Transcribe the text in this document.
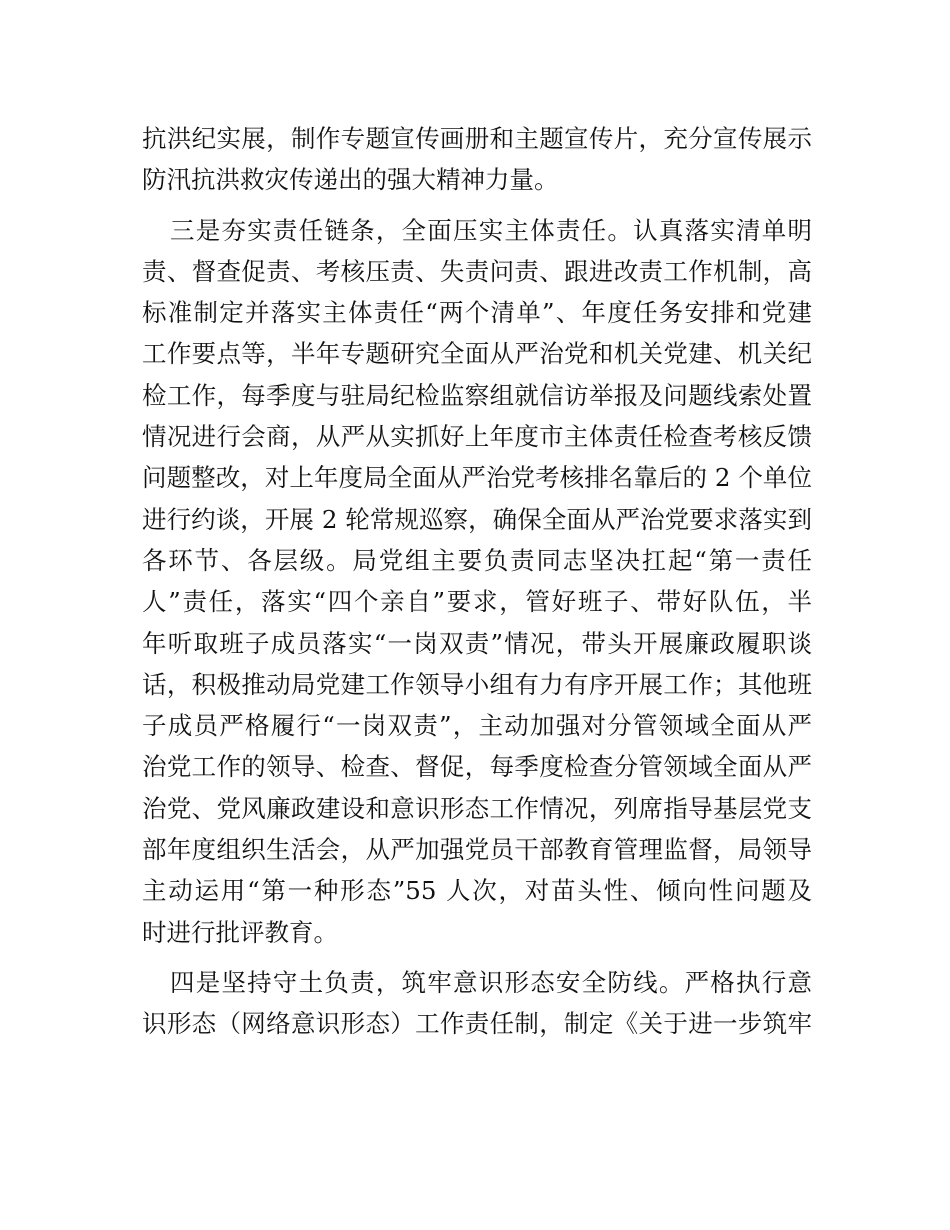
抗洪纪实展，制作专题宣传画册和主题宣传片，充分宣传展示
防汛抗洪救灾传递出的强大精神力量。
三是夯实责任链条，全面压实主体责任。认真落实清单明
责、督查促责、考核压责、失责问责、跟进改责工作机制，高
标准制定并落实主体责任“两个清单”、年度任务安排和党建
工作要点等，半年专题研究全面从严治党和机关党建、机关纪
检工作，每季度与驻局纪检监察组就信访举报及问题线索处置
情况进行会商，从严从实抓好上年度市主体责任检查考核反馈
问题整改，对上年度局全面从严治党考核排名靠后的 2 个单位
进行约谈，开展 2 轮常规巡察，确保全面从严治党要求落实到
各环节、各层级。局党组主要负责同志坚决扛起“第一责任
人”责任，落实“四个亲自”要求，管好班子、带好队伍，半
年听取班子成员落实“一岗双责”情况，带头开展廉政履职谈
话，积极推动局党建工作领导小组有力有序开展工作；其他班
子成员严格履行“一岗双责”，主动加强对分管领域全面从严
治党工作的领导、检查、督促，每季度检查分管领域全面从严
治党、党风廉政建设和意识形态工作情况，列席指导基层党支
部年度组织生活会，从严加强党员干部教育管理监督，局领导
主动运用“第一种形态”55 人次，对苗头性、倾向性问题及
时进行批评教育。
四是坚持守土负责，筑牢意识形态安全防线。严格执行意
识形态（网络意识形态）工作责任制，制定《关于进一步筑牢
